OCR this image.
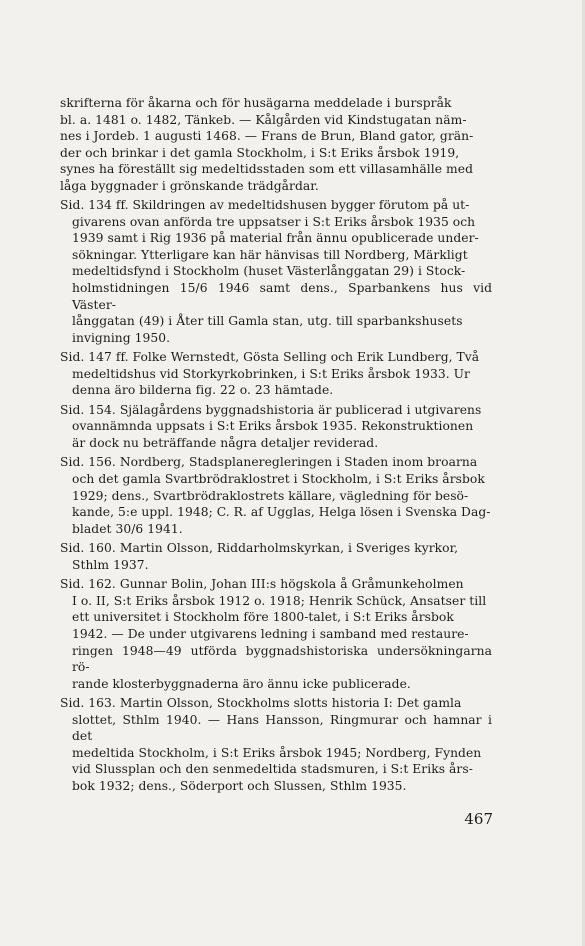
skrifterna för åkarna och för husägarna meddelade i burspråk
bl. a. 1481 o. 1482, Tänkeb. — Kålgården vid Kindstugatan näm-
nes i Jordeb. 1 augusti 1468. — Frans de Brun, Bland gator, grän-
der och brinkar i det gamla Stockholm, i S:t Eriks årsbok 1919,
synes ha föreställt sig medeltidsstaden som ett villasamhälle med
låga byggnader i grönskande trädgårdar.

Sid. 134 ff. Skildringen av medeltidshusen bygger förutom på ut-
givarens ovan anförda tre uppsatser i S:t Eriks årsbok 1935 och
1939 samt i Rig 1936 på material från ännu opublicerade under-
sökningar. Ytterligare kan här hänvisas till Nordberg, Märkligt
medeltidsfynd i Stockholm (huset Västerlånggatan 29) i Stock-
holmstidningen 15/6 1946 samt dens., Sparbankens hus vid Väster-
långgatan (49) i Åter till Gamla stan, utg. till sparbankshusets
invigning 1950.

Sid. 147 ff. Folke Wernstedt, Gösta Selling och Erik Lundberg, Två
medeltidshus vid Storkyrkobrinken, i S:t Eriks årsbok 1933. Ur
denna äro bilderna fig. 22 o. 23 hämtade.

Sid. 154. Själagårdens byggnadshistoria är publicerad i utgivarens
ovannämnda uppsats i S:t Eriks årsbok 1935. Rekonstruktionen
är dock nu beträffande några detaljer reviderad.

Sid. 156. Nordberg, Stadsplaneregleringen i Staden inom broarna
och det gamla Svartbrödraklostret i Stockholm, i S:t Eriks årsbok
1929; dens., Svartbrödraklostrets källare, vägledning för besö-
kande, 5:e uppl. 1948; C. R. af Ugglas, Helga lösen i Svenska Dag-
bladet 30/6 1941.

Sid. 160. Martin Olsson, Riddarholmskyrkan, i Sveriges kyrkor,
Sthlm 1937.

Sid. 162. Gunnar Bolin, Johan III:s högskola å Gråmunkeholmen
I o. II, S:t Eriks årsbok 1912 o. 1918; Henrik Schück, Ansatser till
ett universitet i Stockholm före 1800-talet, i S:t Eriks årsbok
1942. — De under utgivarens ledning i samband med restaure-
ringen 1948—49 utförda byggnadshistoriska undersökningarna rö-
rande klosterbyggnaderna äro ännu icke publicerade.

Sid. 163. Martin Olsson, Stockholms slotts historia I: Det gamla
slottet, Sthlm 1940. — Hans Hansson, Ringmurar och hamnar i det
medeltida Stockholm, i S:t Eriks årsbok 1945; Nordberg, Fynden
vid Slussplan och den senmedeltida stadsmuren, i S:t Eriks års-
bok 1932; dens., Söderport och Slussen, Sthlm 1935.

467
